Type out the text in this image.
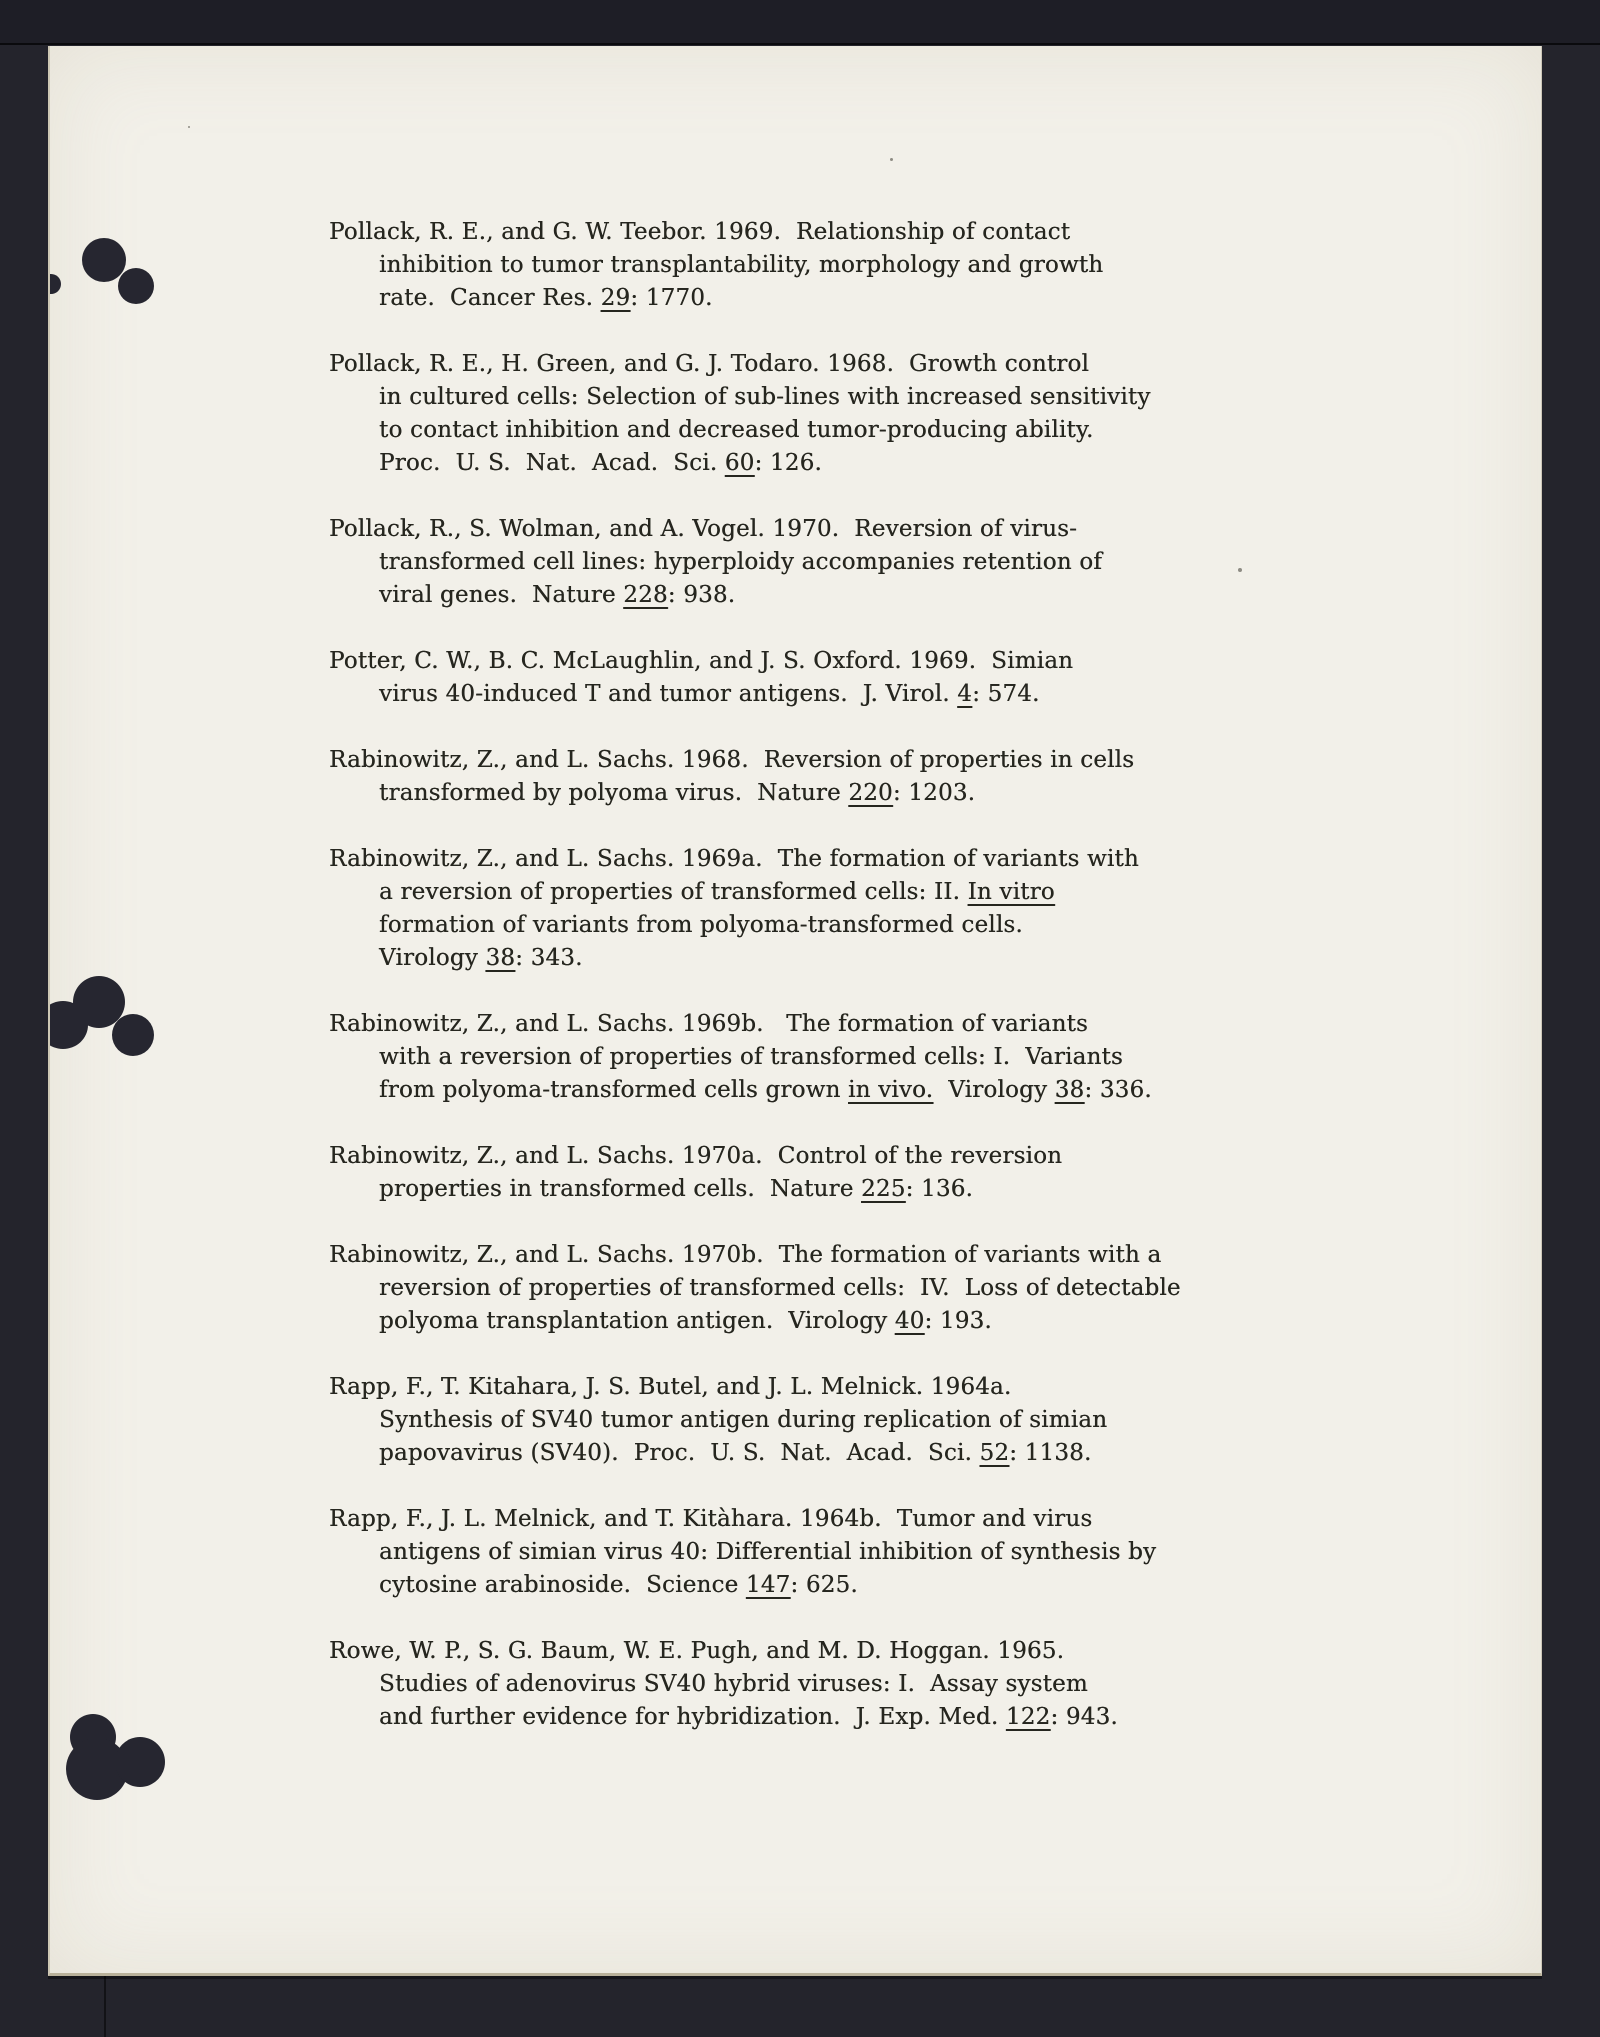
Pollack, R. E., and G. W. Teebor. 1969.  Relationship of contact
inhibition to tumor transplantability, morphology and growth
rate.  Cancer Res. 29: 1770.
Pollack, R. E., H. Green, and G. J. Todaro. 1968.  Growth control
in cultured cells: Selection of sub-lines with increased sensitivity
to contact inhibition and decreased tumor-producing ability.
Proc.  U. S.  Nat.  Acad.  Sci. 60: 126.
Pollack, R., S. Wolman, and A. Vogel. 1970.  Reversion of virus-
transformed cell lines: hyperploidy accompanies retention of
viral genes.  Nature 228: 938.
Potter, C. W., B. C. McLaughlin, and J. S. Oxford. 1969.  Simian
virus 40-induced T and tumor antigens.  J. Virol. 4: 574.
Rabinowitz, Z., and L. Sachs. 1968.  Reversion of properties in cells
transformed by polyoma virus.  Nature 220: 1203.
Rabinowitz, Z., and L. Sachs. 1969a.  The formation of variants with
a reversion of properties of transformed cells: II. In vitro
formation of variants from polyoma-transformed cells.
Virology 38: 343.
Rabinowitz, Z., and L. Sachs. 1969b.   The formation of variants
with a reversion of properties of transformed cells: I.  Variants
from polyoma-transformed cells grown in vivo.  Virology 38: 336.
Rabinowitz, Z., and L. Sachs. 1970a.  Control of the reversion
properties in transformed cells.  Nature 225: 136.
Rabinowitz, Z., and L. Sachs. 1970b.  The formation of variants with a
reversion of properties of transformed cells:  IV.  Loss of detectable
polyoma transplantation antigen.  Virology 40: 193.
Rapp, F., T. Kitahara, J. S. Butel, and J. L. Melnick. 1964a.
Synthesis of SV40 tumor antigen during replication of simian
papovavirus (SV40).  Proc.  U. S.  Nat.  Acad.  Sci. 52: 1138.
Rapp, F., J. L. Melnick, and T. Kitàhara. 1964b.  Tumor and virus
antigens of simian virus 40: Differential inhibition of synthesis by
cytosine arabinoside.  Science 147: 625.
Rowe, W. P., S. G. Baum, W. E. Pugh, and M. D. Hoggan. 1965.
Studies of adenovirus SV40 hybrid viruses: I.  Assay system
and further evidence for hybridization.  J. Exp. Med. 122: 943.
